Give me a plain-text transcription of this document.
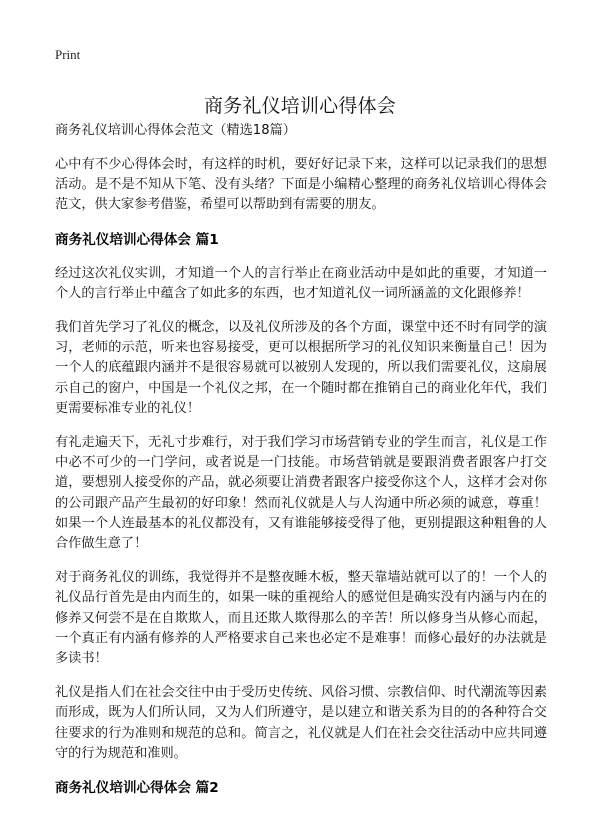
Print
商务礼仪培训心得体会

商务礼仪培训心得体会范文（精选18篇）

心中有不少心得体会时，有这样的时机，要好好记录下来，这样可以记录我们的思想活动。是不是不知从下笔、没有头绪？下面是小编精心整理的商务礼仪培训心得体会范文，供大家参考借鉴，希望可以帮助到有需要的朋友。

商务礼仪培训心得体会 篇1

经过这次礼仪实训，才知道一个人的言行举止在商业活动中是如此的重要，才知道一个人的言行举止中蕴含了如此多的东西，也才知道礼仪一词所涵盖的文化跟修养！

我们首先学习了礼仪的概念，以及礼仪所涉及的各个方面，课堂中还不时有同学的演习，老师的示范，听来也容易接受，更可以根据所学习的礼仪知识来衡量自己！因为一个人的底蕴跟内涵并不是很容易就可以被别人发现的，所以我们需要礼仪，这扇展示自己的窗户，中国是一个礼仪之邦，在一个随时都在推销自己的商业化年代，我们更需要标准专业的礼仪！

有礼走遍天下，无礼寸步难行，对于我们学习市场营销专业的学生而言，礼仪是工作中必不可少的一门学问，或者说是一门技能。市场营销就是要跟消费者跟客户打交道，要想别人接受你的产品，就必须要让消费者跟客户接受你这个人，这样才会对你的公司跟产品产生最初的好印象！然而礼仪就是人与人沟通中所必须的诚意，尊重！如果一个人连最基本的礼仪都没有，又有谁能够接受得了他，更别提跟这种粗鲁的人合作做生意了！

对于商务礼仪的训练，我觉得并不是整夜睡木板，整天靠墙站就可以了的！一个人的礼仪品行首先是由内而生的，如果一味的重视给人的感觉但是确实没有内涵与内在的修养又何尝不是在自欺欺人，而且还欺人欺得那么的辛苦！所以修身当从修心而起，一个真正有内涵有修养的人严格要求自己来也必定不是难事！而修心最好的办法就是多读书！

礼仪是指人们在社会交往中由于受历史传统、风俗习惯、宗教信仰、时代潮流等因素而形成，既为人们所认同，又为人们所遵守，是以建立和谐关系为目的的各种符合交往要求的行为准则和规范的总和。简言之，礼仪就是人们在社会交往活动中应共同遵守的行为规范和准则。

商务礼仪培训心得体会 篇2
